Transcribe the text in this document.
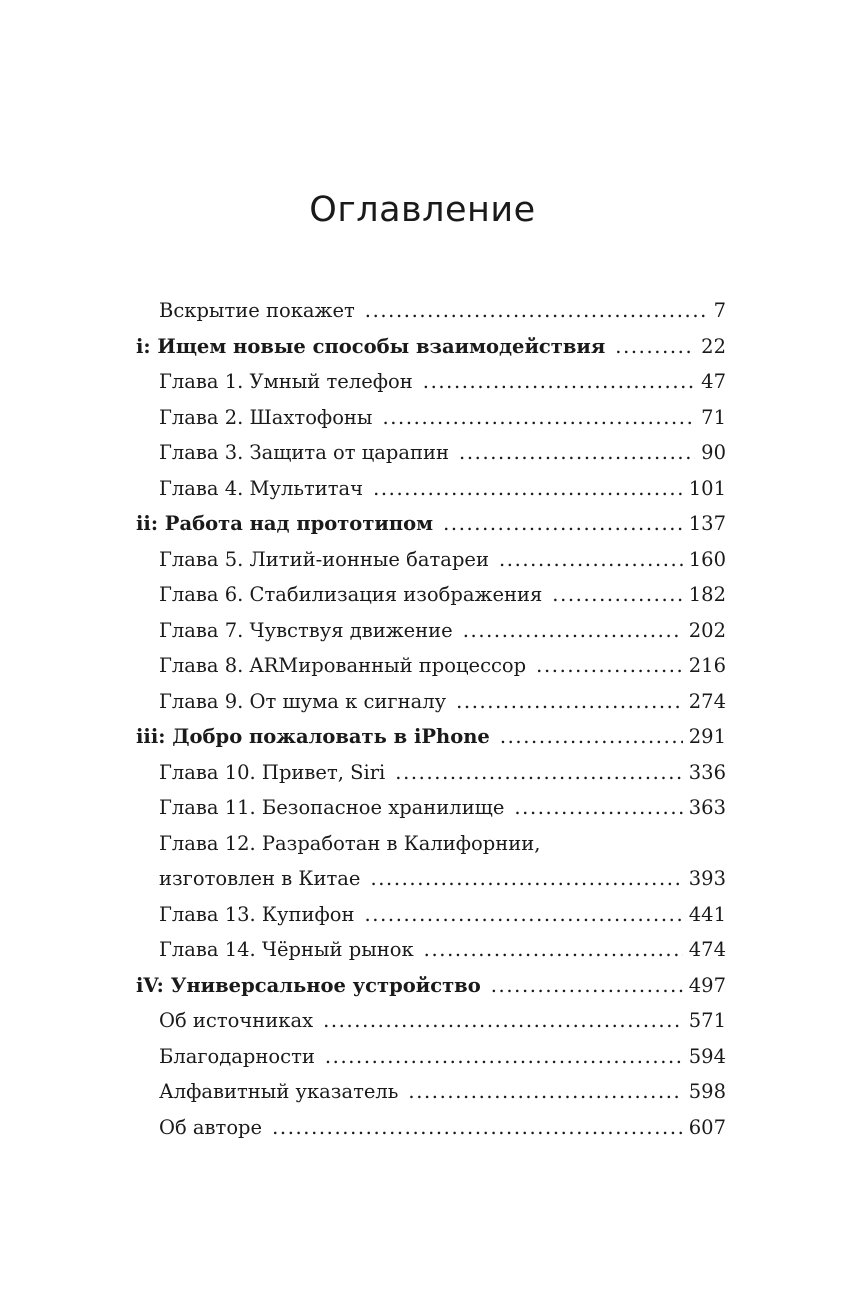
Оглавление
Вскрытие покажет .....	7
i: Ищем новые способы взаимодействия .....	22
Глава 1. Умный телефон .....	47
Глава 2. Шахтофоны .....	71
Глава 3. Защита от царапин .....	90
Глава 4. Мультитач .....	101
ii: Работа над прототипом .....	137
Глава 5. Литий-ионные батареи .....	160
Глава 6. Стабилизация изображения .....	182
Глава 7. Чувствуя движение .....	202
Глава 8. ARMированный процессор .....	216
Глава 9. От шума к сигналу .....	274
iii: Добро пожаловать в iPhone .....	291
Глава 10. Привет, Siri .....	336
Глава 11. Безопасное хранилище .....	363
Глава 12. Разработан в Калифорнии,
изготовлен в Китае .....	393
Глава 13. Купифон .....	441
Глава 14. Чёрный рынок .....	474
iV: Универсальное устройство .....	497
Об источниках .....	571
Благодарности .....	594
Алфавитный указатель .....	598
Об авторе .....	607
